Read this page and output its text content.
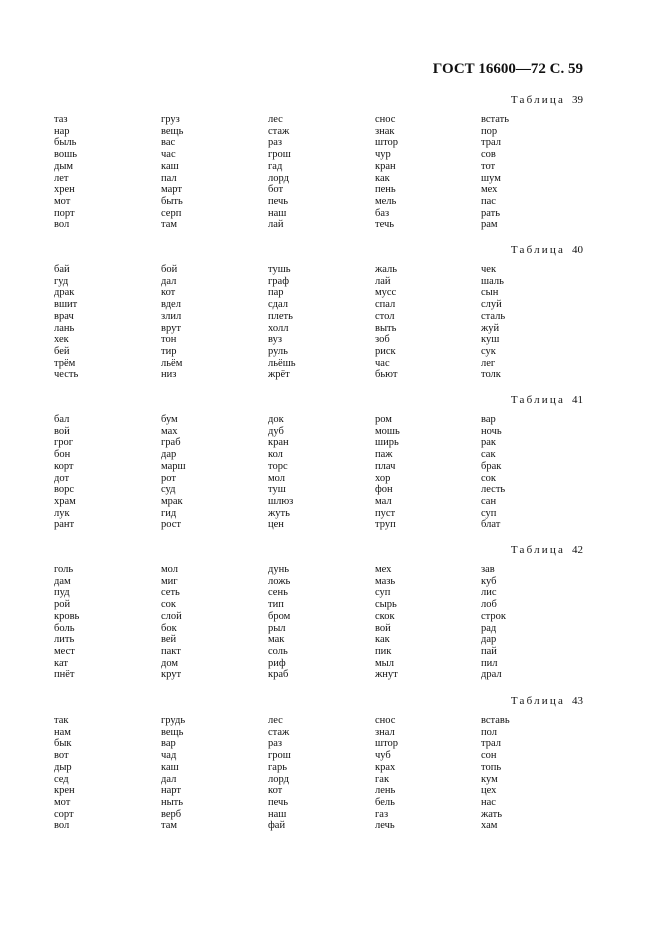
ГОСТ 16600—72 С. 59
Таблица 39
таз
нар
быль
вошь
дым
лет
хрен
мот
порт
вол
груз
вещь
вас
час
каш
пал
март
быть
серп
там
лес
стаж
раз
грош
гад
лорд
бот
печь
наш
лай
снос
знак
штор
чур
кран
как
пень
мель
баз
течь
встать
пор
трал
сов
тот
шум
мех
пас
рать
рам
Таблица 40
бай
гуд
драк
вшит
врач
лань
хек
бей
трём
честь
бой
дал
кот
вдел
злил
врут
тон
тир
льём
низ
тушь
граф
пар
сдал
плеть
холл
вуз
руль
льёшь
жрёт
жаль
лай
мусс
спал
стол
выть
зоб
риск
час
бьют
чек
шаль
сын
слуй
сталь
жуй
куш
сук
лег
толк
Таблица 41
бал
вой
грог
бон
корт
дот
ворс
храм
лук
рант
бум
мах
граб
дар
марш
рот
суд
мрак
гид
рост
док
дуб
кран
кол
торс
мол
туш
шлюз
жуть
цен
ром
мошь
ширь
паж
плач
хор
фон
мал
пуст
труп
вар
ночь
рак
сак
брак
сок
лесть
сан
суп
блат
Таблица 42
голь
дам
пуд
рой
кровь
боль
лить
мест
кат
пнёт
мол
миг
сеть
сок
слой
бок
вей
пакт
дом
крут
дунь
ложь
сень
тип
бром
рыл
мак
соль
риф
краб
мех
мазь
суп
сырь
скок
вой
как
пик
мыл
жнут
зав
куб
лис
лоб
строк
рад
дар
пай
пил
драл
Таблица 43
так
нам
бык
вот
дыр
сед
крен
мот
сорт
вол
грудь
вещь
вар
чад
каш
дал
нарт
ныть
верб
там
лес
стаж
раз
грош
гарь
лорд
кот
печь
наш
фай
снос
знал
штор
чуб
крах
гак
лень
бель
газ
лечь
вставь
пол
трал
сон
топь
кум
цех
нас
жать
хам
